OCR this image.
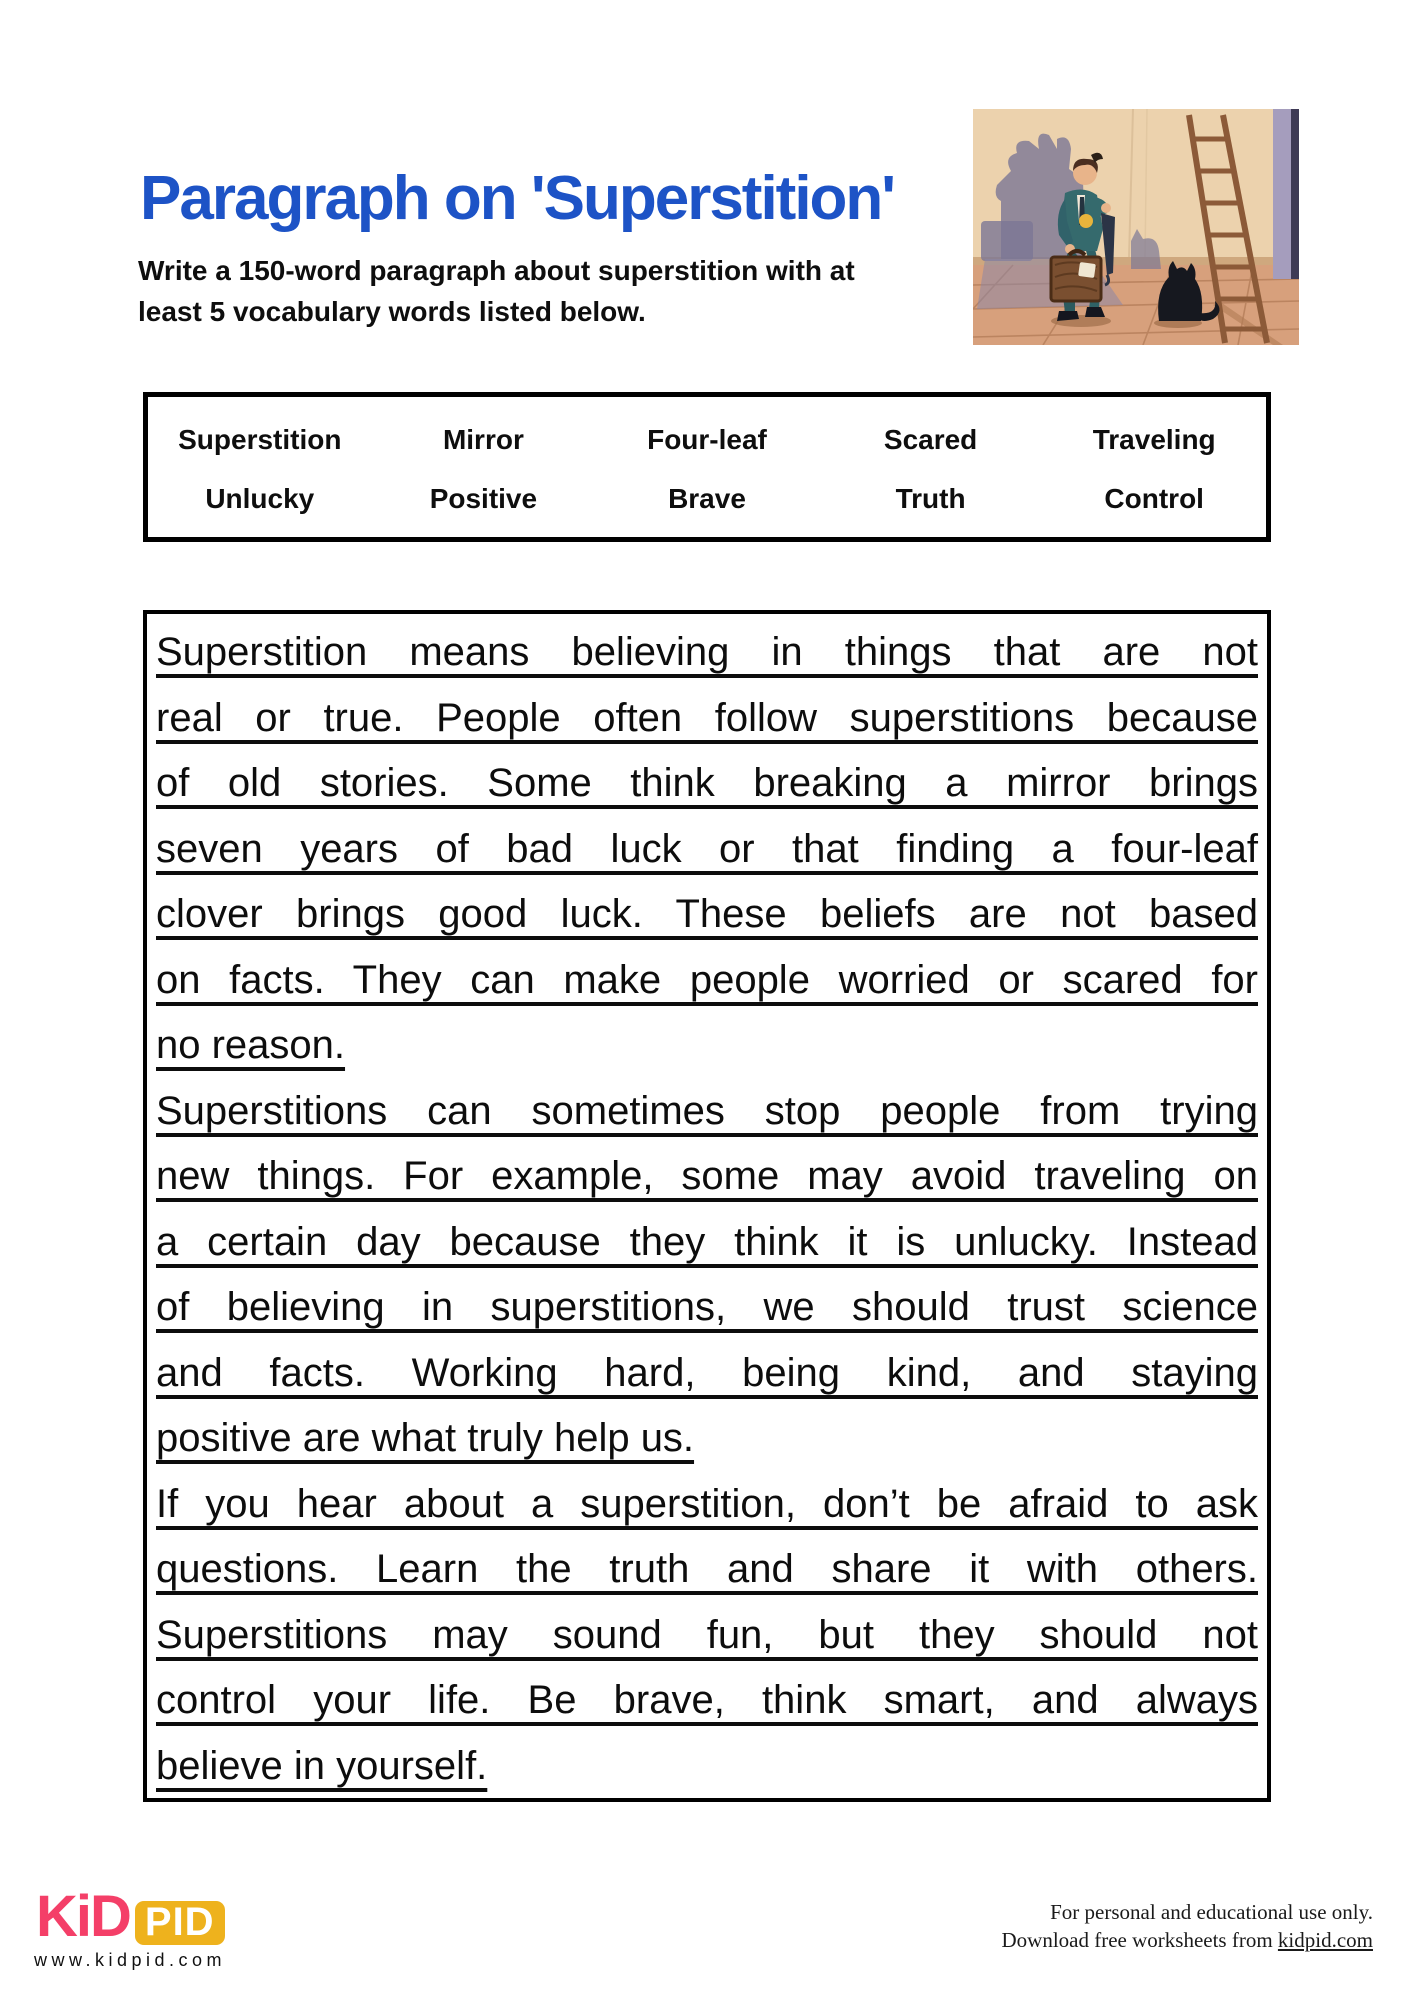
Paragraph on 'Superstition'
Write a 150-word paragraph about superstition with at
least 5 vocabulary words listed below.
Superstition	Mirror	Four-leaf	Scared	Traveling
Unlucky	Positive	Brave	Truth	Control
Superstition means believing in things that are not
real or true. People often follow superstitions because
of old stories. Some think breaking a mirror brings
seven years of bad luck or that finding a four-leaf
clover brings good luck. These beliefs are not based
on facts. They can make people worried or scared for
no reason.
Superstitions can sometimes stop people from trying
new things. For example, some may avoid traveling on
a certain day because they think it is unlucky. Instead
of believing in superstitions, we should trust science
and facts. Working hard, being kind, and staying
positive are what truly help us.
If you hear about a superstition, don’t be afraid to ask
questions. Learn the truth and share it with others.
Superstitions may sound fun, but they should not
control your life. Be brave, think smart, and always
believe in yourself.
KiD PID
www.kidpid.com
For personal and educational use only.
Download free worksheets from kidpid.com
